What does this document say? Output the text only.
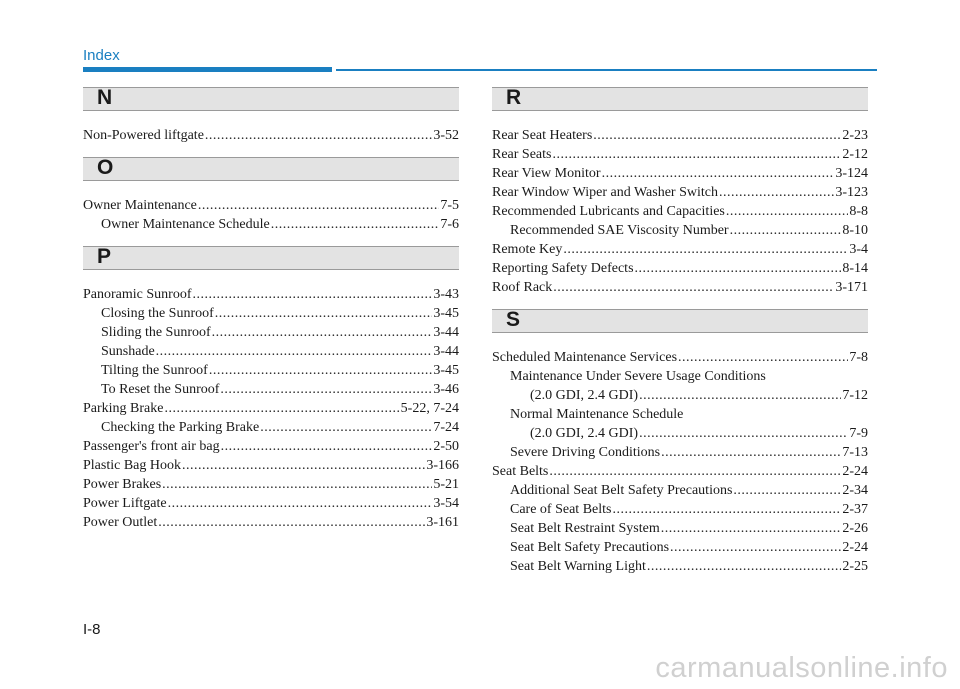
Index
N
Non-Powered liftgate .....	3-52
O
Owner Maintenance .....	7-5
Owner Maintenance Schedule .....	7-6
P
Panoramic Sunroof .....	3-43
Closing the Sunroof .....	3-45
Sliding the Sunroof .....	3-44
Sunshade .....	3-44
Tilting the Sunroof .....	3-45
To Reset the Sunroof .....	3-46
Parking Brake .....	5-22, 7-24
Checking the Parking Brake .....	7-24
Passenger's front air bag .....	2-50
Plastic Bag Hook .....	3-166
Power Brakes .....	5-21
Power Liftgate .....	3-54
Power Outlet .....	3-161
R
Rear Seat Heaters .....	2-23
Rear Seats .....	2-12
Rear View Monitor .....	3-124
Rear Window Wiper and Washer Switch .....	3-123
Recommended Lubricants and Capacities .....	8-8
Recommended SAE Viscosity Number .....	8-10
Remote Key .....	3-4
Reporting Safety Defects .....	8-14
Roof Rack .....	3-171
S
Scheduled Maintenance Services .....	7-8
Maintenance Under Severe Usage Conditions
(2.0 GDI, 2.4 GDI) .....	7-12
Normal Maintenance Schedule
(2.0 GDI, 2.4 GDI) .....	7-9
Severe Driving Conditions .....	7-13
Seat Belts .....	2-24
Additional Seat Belt Safety Precautions .....	2-34
Care of Seat Belts .....	2-37
Seat Belt Restraint System .....	2-26
Seat Belt Safety Precautions .....	2-24
Seat Belt Warning Light .....	2-25
I-8
carmanualsonline.info
